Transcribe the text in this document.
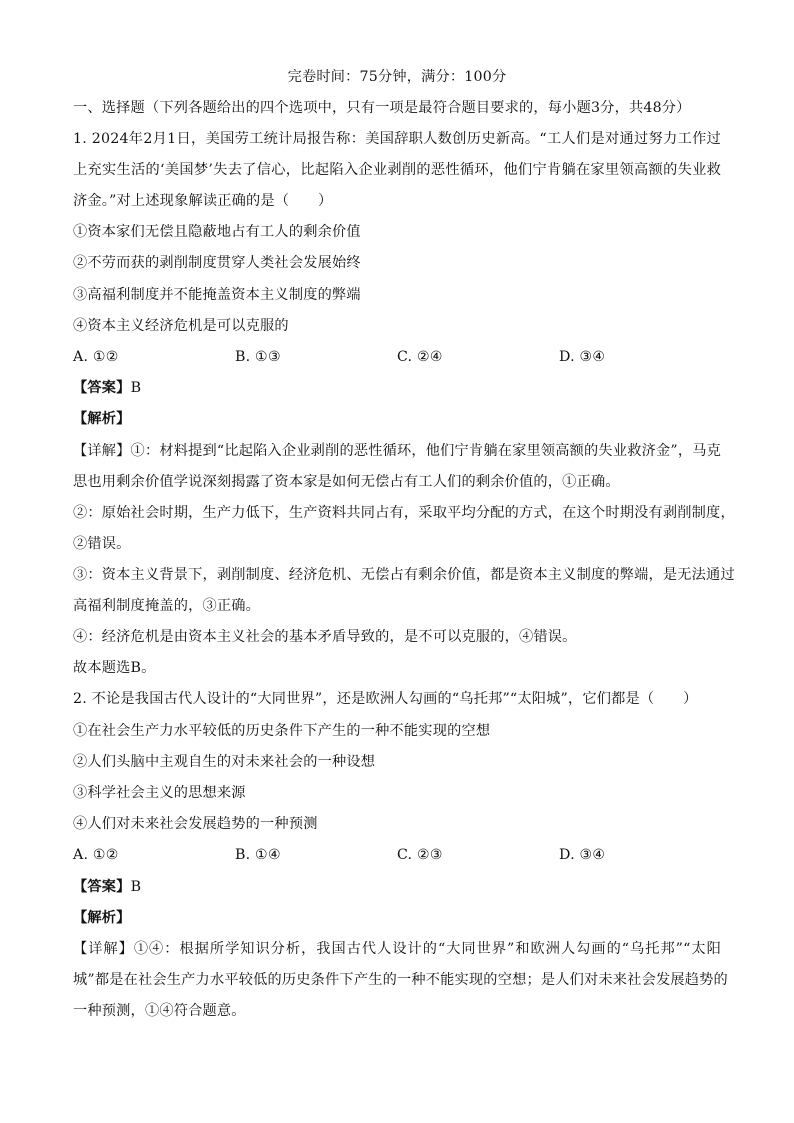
完卷时间：75分钟，满分：100分
一、选择题（下列各题给出的四个选项中，只有一项是最符合题目要求的，每小题3分，共48分）
1. 2024年2月1日，美国劳工统计局报告称：美国辞职人数创历史新高。“工人们是对通过努力工作过
上充实生活的‘美国梦’失去了信心，比起陷入企业剥削的恶性循环，他们宁肯躺在家里领高额的失业救
济金。”对上述现象解读正确的是（　　）
①资本家们无偿且隐蔽地占有工人的剩余价值
②不劳而获的剥削制度贯穿人类社会发展始终
③高福利制度并不能掩盖资本主义制度的弊端
④资本主义经济危机是可以克服的
A. ①②	B. ①③	C. ②④	D. ③④
【答案】B
【解析】
【详解】①：材料提到“比起陷入企业剥削的恶性循环，他们宁肯躺在家里领高额的失业救济金”，马克
思也用剩余价值学说深刻揭露了资本家是如何无偿占有工人们的剩余价值的，①正确。
②：原始社会时期，生产力低下，生产资料共同占有，采取平均分配的方式，在这个时期没有剥削制度，
②错误。
③：资本主义背景下，剥削制度、经济危机、无偿占有剩余价值，都是资本主义制度的弊端，是无法通过
高福利制度掩盖的，③正确。
④：经济危机是由资本主义社会的基本矛盾导致的，是不可以克服的，④错误。
故本题选B。
2. 不论是我国古代人设计的“大同世界”，还是欧洲人勾画的“乌托邦”“太阳城”，它们都是（　　）
①在社会生产力水平较低的历史条件下产生的一种不能实现的空想
②人们头脑中主观自生的对未来社会的一种设想
③科学社会主义的思想来源
④人们对未来社会发展趋势的一种预测
A. ①②	B. ①④	C. ②③	D. ③④
【答案】B
【解析】
【详解】①④：根据所学知识分析，我国古代人设计的“大同世界”和欧洲人勾画的“乌托邦”“太阳
城”都是在社会生产力水平较低的历史条件下产生的一种不能实现的空想；是人们对未来社会发展趋势的
一种预测，①④符合题意。
